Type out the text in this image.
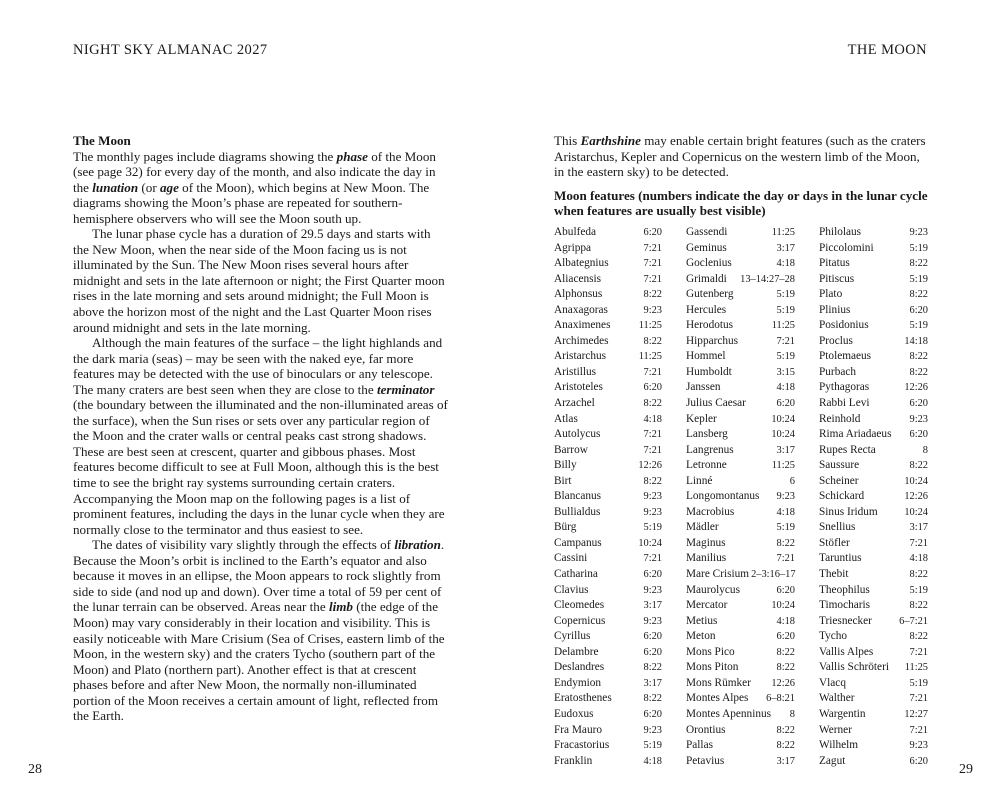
NIGHT SKY ALMANAC 2027	THE MOON

The Moon

The monthly pages include diagrams showing the phase of the Moon (see page 32) for every day of the month, and also indicate the day in the lunation (or age of the Moon), which begins at New Moon. The diagrams showing the Moon’s phase are repeated for southern-hemisphere observers who will see the Moon south up.

The lunar phase cycle has a duration of 29.5 days and starts with the New Moon, when the near side of the Moon facing us is not illuminated by the Sun. The New Moon rises several hours after midnight and sets in the late afternoon or night; the First Quarter moon rises in the late morning and sets around midnight; the Full Moon is above the horizon most of the night and the Last Quarter Moon rises around midnight and sets in the late morning.

Although the main features of the surface – the light highlands and the dark maria (seas) – may be seen with the naked eye, far more features may be detected with the use of binoculars or any telescope. The many craters are best seen when they are close to the terminator (the boundary between the illuminated and the non-illuminated areas of the surface), when the Sun rises or sets over any particular region of the Moon and the crater walls or central peaks cast strong shadows. These are best seen at crescent, quarter and gibbous phases. Most features become difficult to see at Full Moon, although this is the best time to see the bright ray systems surrounding certain craters. Accompanying the Moon map on the following pages is a list of prominent features, including the days in the lunar cycle when they are normally close to the terminator and thus easiest to see.

The dates of visibility vary slightly through the effects of libration. Because the Moon’s orbit is inclined to the Earth’s equator and also because it moves in an ellipse, the Moon appears to rock slightly from side to side (and nod up and down). Over time a total of 59 per cent of the lunar terrain can be observed. Areas near the limb (the edge of the Moon) may vary considerably in their location and visibility. This is easily noticeable with Mare Crisium (Sea of Crises, eastern limb of the Moon, in the western sky) and the craters Tycho (southern part of the Moon) and Plato (northern part). Another effect is that at crescent phases before and after New Moon, the normally non-illuminated portion of the Moon receives a certain amount of light, reflected from the Earth.

This Earthshine may enable certain bright features (such as the craters Aristarchus, Kepler and Copernicus on the western limb of the Moon, in the eastern sky) to be detected.

Moon features (numbers indicate the day or days in the lunar cycle when features are usually best visible)

Abulfeda	6:20
Agrippa	7:21
Albategnius	7:21
Aliacensis	7:21
Alphonsus	8:22
Anaxagoras	9:23
Anaximenes	11:25
Archimedes	8:22
Aristarchus	11:25
Aristillus	7:21
Aristoteles	6:20
Arzachel	8:22
Atlas	4:18
Autolycus	7:21
Barrow	7:21
Billy	12:26
Birt	8:22
Blancanus	9:23
Bullialdus	9:23
Bürg	5:19
Campanus	10:24
Cassini	7:21
Catharina	6:20
Clavius	9:23
Cleomedes	3:17
Copernicus	9:23
Cyrillus	6:20
Delambre	6:20
Deslandres	8:22
Endymion	3:17
Eratosthenes	8:22
Eudoxus	6:20
Fra Mauro	9:23
Fracastorius	5:19
Franklin	4:18
Gassendi	11:25
Geminus	3:17
Goclenius	4:18
Grimaldi 13–14:27–28
Gutenberg	5:19
Hercules	5:19
Herodotus	11:25
Hipparchus	7:21
Hommel	5:19
Humboldt	3:15
Janssen	4:18
Julius Caesar	6:20
Kepler	10:24
Lansberg	10:24
Langrenus	3:17
Letronne	11:25
Linné	6
Longomontanus 9:23
Macrobius	4:18
Mädler	5:19
Maginus	8:22
Manilius	7:21
Mare Crisium 2–3:16–17
Maurolycus	6:20
Mercator	10:24
Metius	4:18
Meton	6:20
Mons Pico	8:22
Mons Piton	8:22
Mons Rümker 12:26
Montes Alpes 6–8:21
Montes Apenninus 8
Orontius	8:22
Pallas	8:22
Petavius	3:17
Philolaus	9:23
Piccolomini	5:19
Pitatus	8:22
Pitiscus	5:19
Plato	8:22
Plinius	6:20
Posidonius	5:19
Proclus	14:18
Ptolemaeus	8:22
Purbach	8:22
Pythagoras	12:26
Rabbi Levi	6:20
Reinhold	9:23
Rima Ariadaeus 6:20
Rupes Recta	8
Saussure	8:22
Scheiner	10:24
Schickard	12:26
Sinus Iridum	10:24
Snellius	3:17
Stöfler	7:21
Taruntius	4:18
Thebit	8:22
Theophilus	5:19
Timocharis	8:22
Triesnecker	6–7:21
Tycho	8:22
Vallis Alpes	7:21
Vallis Schröteri 11:25
Vlacq	5:19
Walther	7:21
Wargentin	12:27
Werner	7:21
Wilhelm	9:23
Zagut	6:20
28	29
